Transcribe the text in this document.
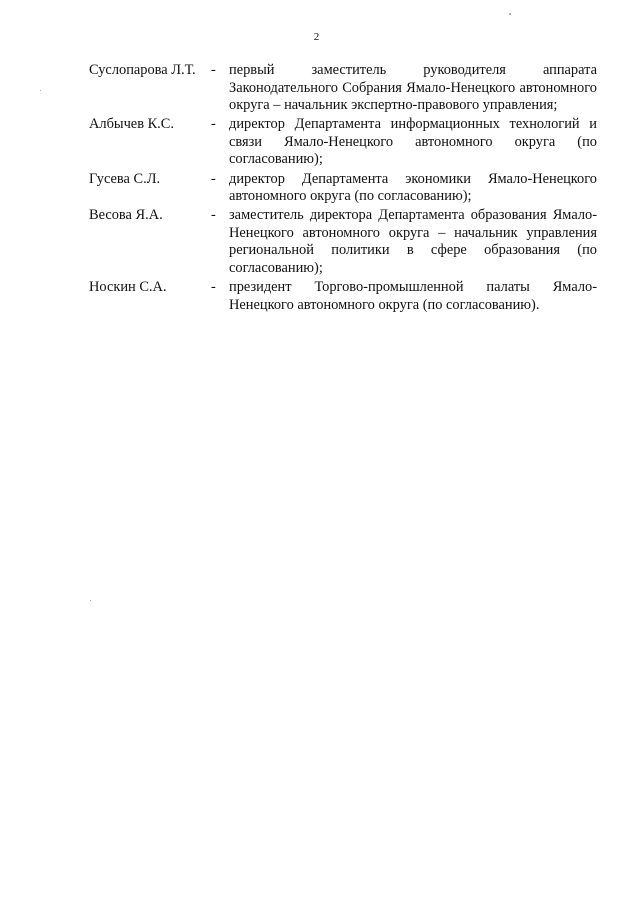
2
Суслопарова Л.Т.	- первый заместитель руководителя аппарата Законодательного Собрания Ямало-Ненецкого автономного округа – начальник экспертно-правового управления;
Албычев К.С.	- директор Департамента информационных технологий и связи Ямало-Ненецкого автономного округа (по согласованию);
Гусева С.Л.	- директор Департамента экономики Ямало-Ненецкого автономного округа (по согласованию);
Весова Я.А.	- заместитель директора Департамента образования Ямало-Ненецкого автономного округа – начальник управления региональной политики в сфере образования (по согласованию);
Носкин С.А.	- президент Торгово-промышленной палаты Ямало-Ненецкого автономного округа (по согласованию).
